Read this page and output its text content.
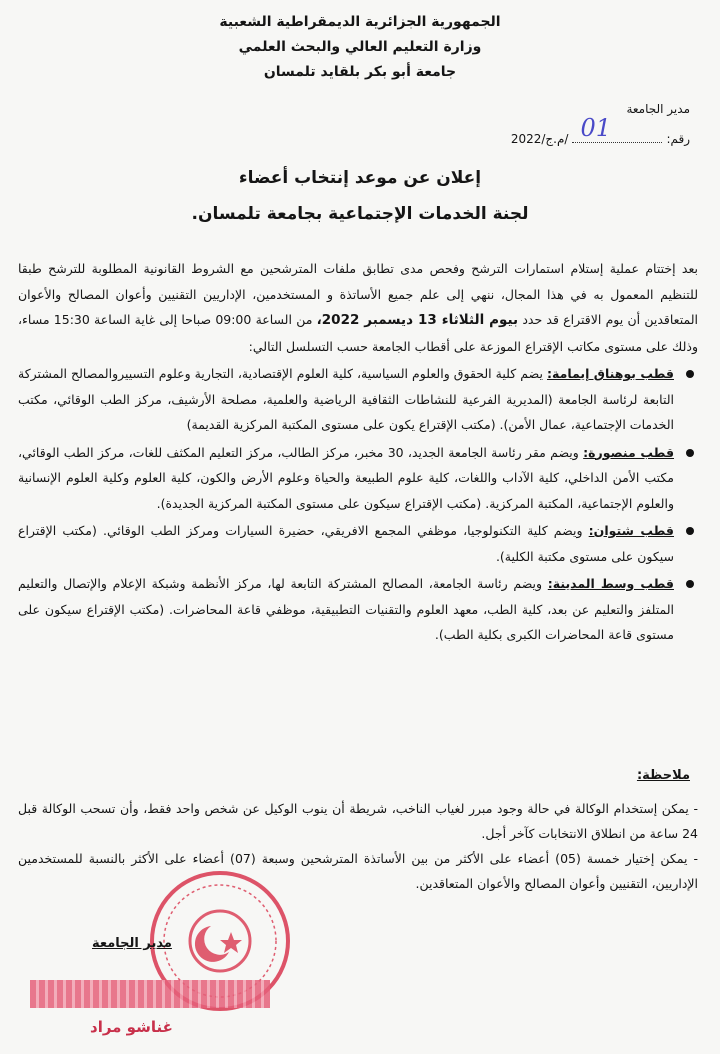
الجمهورية الجزائرية الديمقراطية الشعبية
وزارة التعليم العالي والبحث العلمي
جامعة أبو بكر بلقايد تلمسان
مدير الجامعة
رقم:
01
/م.ج/2022
إعلان عن موعد إنتخاب أعضاء
لجنة الخدمات الإجتماعية بجامعة تلمسان.

بعد إختتام عملية إستلام استمارات الترشح وفحص مدى تطابق ملفات المترشحين مع الشروط القانونية المطلوبة للترشح طبقا للتنظيم المعمول به في هذا المجال، ننهي إلى علم جميع الأساتذة و المستخدمين، الإداريين التقنيين وأعوان المصالح والأعوان المتعاقدين أن يوم الاقتراع قد حدد بيوم الثلاثاء 13 ديسمبر 2022، من الساعة 09:00 صباحا إلى غاية الساعة 15:30 مساء، وذلك على مستوى مكاتب الإقتراع الموزعة على أقطاب الجامعة حسب التسلسل التالي:

قطب بوهناق إيمامة: يضم كلية الحقوق والعلوم السياسية، كلية العلوم الإقتصادية، التجارية وعلوم التسييروالمصالح المشتركة التابعة لرئاسة الجامعة (المديرية الفرعية للنشاطات الثقافية الرياضية والعلمية، مصلحة الأرشيف، مركز الطب الوقائي، مكتب الخدمات الإجتماعية، عمال الأمن). (مكتب الإقتراع يكون على مستوى المكتبة المركزية القديمة)
قطب منصورة: ويضم مقر رئاسة الجامعة الجديد، 30 مخبر، مركز الطالب، مركز التعليم المكثف للغات، مركز الطب الوقائي، مكتب الأمن الداخلي، كلية الآداب واللغات، كلية علوم الطبيعة والحياة وعلوم الأرض والكون، كلية العلوم وكلية العلوم الإنسانية والعلوم الإجتماعية، المكتبة المركزية. (مكتب الإقتراع سيكون على مستوى المكتبة المركزية الجديدة).
قطب شتوان: ويضم كلية التكنولوجيا، موظفي المجمع الافريقي، حضيرة السيارات ومركز الطب الوقائي. (مكتب الإقتراع سيكون على مستوى مكتبة الكلية).
قطب وسط المدينة: ويضم رئاسة الجامعة، المصالح المشتركة التابعة لها، مركز الأنظمة وشبكة الإعلام والإتصال والتعليم المتلفز والتعليم عن بعد، كلية الطب، معهد العلوم والتقنيات التطبيقية، موظفي قاعة المحاضرات. (مكتب الإقتراع سيكون على مستوى قاعة المحاضرات الكبرى بكلية الطب).
ملاحظة:

- يمكن إستخدام الوكالة في حالة وجود مبرر لغياب الناخب، شريطة أن ينوب الوكيل عن شخص واحد فقط، وأن تسحب الوكالة قبل 24 ساعة من انطلاق الانتخابات كآخر أجل.

- يمكن إختيار خمسة (05) أعضاء على الأكثر من بين الأساتذة المترشحين وسبعة (07) أعضاء على الأكثر بالنسبة للمستخدمين الإداريين، التقنيين وأعوان المصالح والأعوان المتعاقدين.

مدير الجامعة
غناشو مراد
